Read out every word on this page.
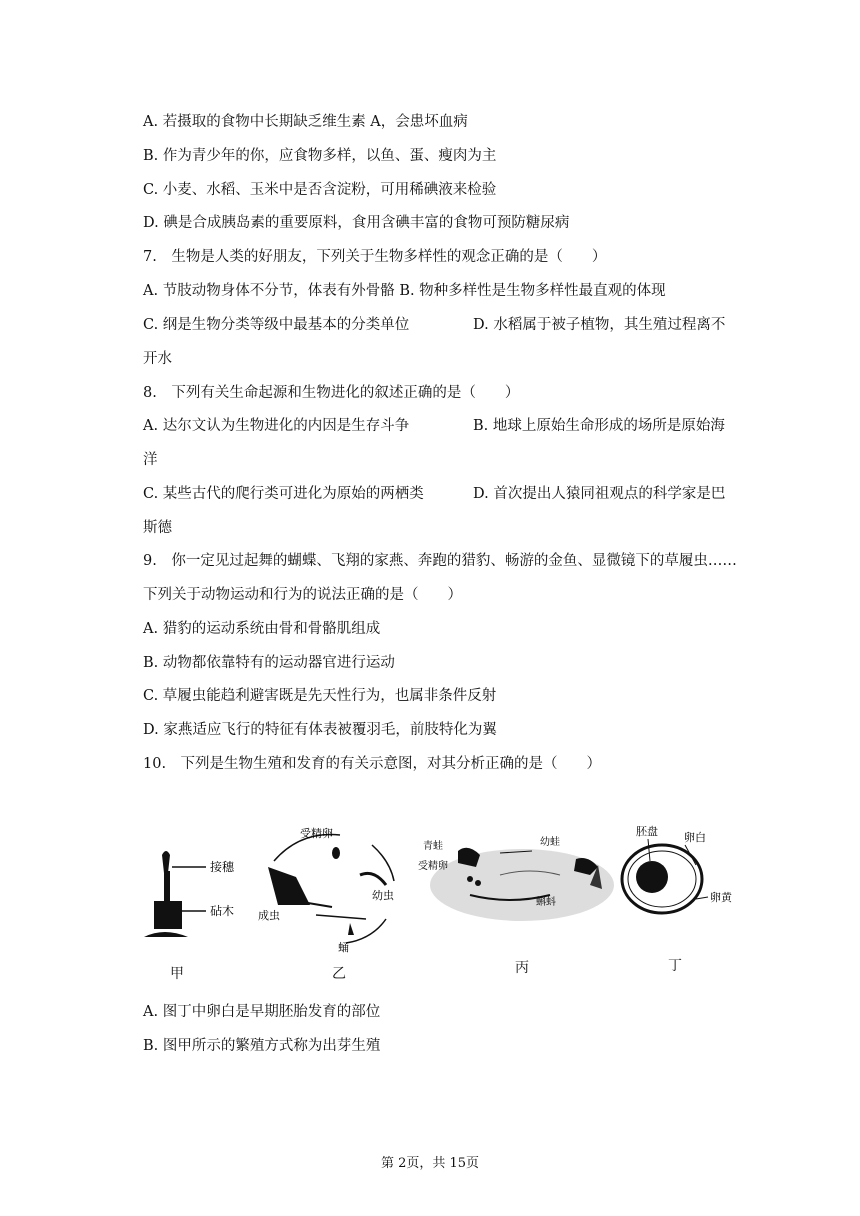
A. 若摄取的食物中长期缺乏维生素 A，会患坏血病
B. 作为青少年的你，应食物多样，以鱼、蛋、瘦肉为主
C. 小麦、水稻、玉米中是否含淀粉，可用稀碘液来检验
D. 碘是合成胰岛素的重要原料，食用含碘丰富的食物可预防糖尿病
7.　生物是人类的好朋友，下列关于生物多样性的观念正确的是（　　）
A. 节肢动物身体不分节，体表有外骨骼 B. 物种多样性是生物多样性最直观的体现
C. 纲是生物分类等级中最基本的分类单位	D. 水稻属于被子植物，其生殖过程离不
开水
8.　下列有关生命起源和生物进化的叙述正确的是（　　）
A. 达尔文认为生物进化的内因是生存斗争	B. 地球上原始生命形成的场所是原始海
洋
C. 某些古代的爬行类可进化为原始的两栖类	D. 首次提出人猿同祖观点的科学家是巴
斯德
9.　你一定见过起舞的蝴蝶、飞翔的家燕、奔跑的猎豹、畅游的金鱼、显微镜下的草履虫……
下列关于动物运动和行为的说法正确的是（　　）
A. 猎豹的运动系统由骨和骨骼肌组成
B. 动物都依靠特有的运动器官进行运动
C. 草履虫能趋利避害既是先天性行为，也属非条件反射
D. 家燕适应飞行的特征有体表被覆羽毛，前肢特化为翼
10.　下列是生物生殖和发育的有关示意图，对其分析正确的是（　　）
接穗
砧木
受精卵
幼虫
成虫
蛹
青蛙
受精卵
蝌蚪
幼蛙
胚盘 卵白
卵黄
甲	乙	丙	丁
A. 图丁中卵白是早期胚胎发育的部位
B. 图甲所示的繁殖方式称为出芽生殖
第 2页，共 15页
